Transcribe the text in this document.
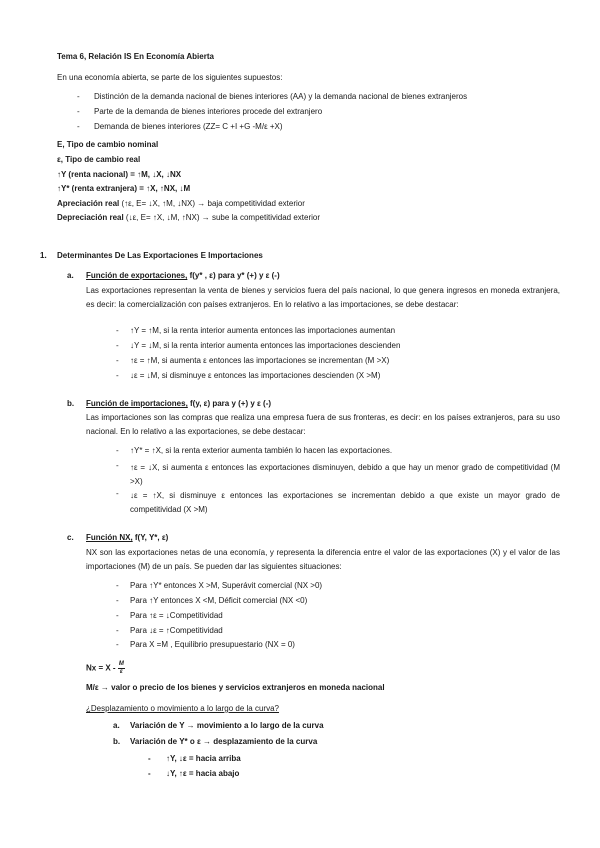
Tema 6, Relación IS En Economía Abierta
En una economía abierta, se parte de los siguientes supuestos:
- Distinción de la demanda nacional de bienes interiores (AA) y la demanda nacional de bienes extranjeros
- Parte de la demanda de bienes interiores procede del extranjero
- Demanda de bienes interiores (ZZ= C +I +G -M/ε +X)
E, Tipo de cambio nominal
ε, Tipo de cambio real
↑Y (renta nacional) = ↑M, ↓X, ↓NX
↑Y* (renta extranjera) = ↑X, ↑NX, ↓M
Apreciación real (↑ε, E= ↓X, ↑M, ↓NX) → baja competitividad exterior
Depreciación real (↓ε, E= ↑X, ↓M, ↑NX) → sube la competitividad exterior
1. Determinantes De Las Exportaciones E Importaciones
a. Función de exportaciones, f(y* , ε) para y* (+) y ε (-)
Las exportaciones representan la venta de bienes y servicios fuera del país nacional, lo que genera ingresos en moneda extranjera, es decir: la comercialización con países extranjeros. En lo relativo a las importaciones, se debe destacar:
- ↑Y = ↑M, si la renta interior aumenta entonces las importaciones aumentan
- ↓Y = ↓M, si la renta interior aumenta entonces las importaciones descienden
- ↑ε = ↑M, si aumenta ε entonces las importaciones se incrementan (M >X)
- ↓ε = ↓M, si disminuye ε entonces las importaciones descienden (X >M)
b. Función de importaciones, f(y, ε) para y (+) y ε (-)
Las importaciones son las compras que realiza una empresa fuera de sus fronteras, es decir: en los países extranjeros, para su uso nacional. En lo relativo a las exportaciones, se debe destacar:
- ↑Y* = ↑X, si la renta exterior aumenta también lo hacen las exportaciones.
- ↑ε = ↓X, si aumenta ε entonces las exportaciones disminuyen, debido a que hay un menor grado de competitividad (M >X)
- ↓ε = ↑X, si disminuye ε entonces las exportaciones se incrementan debido a que existe un mayor grado de competitividad (X >M)
c. Función NX, f(Y, Y*, ε)
NX son las exportaciones netas de una economía, y representa la diferencia entre el valor de las exportaciones (X) y el valor de las importaciones (M) de un país. Se pueden dar las siguientes situaciones:
- Para ↑Y* entonces X >M, Superávit comercial (NX >0)
- Para ↑Y entonces X <M, Déficit comercial (NX <0)
- Para ↑ε = ↓Competitividad
- Para ↓ε = ↑Competitividad
- Para X =M , Equilibrio presupuestario (NX = 0)
$Nx = X - \frac{M}{\varepsilon}$
M/ε → valor o precio de los bienes y servicios extranjeros en moneda nacional
¿Desplazamiento o movimiento a lo largo de la curva?
a. Variación de Y → movimiento a lo largo de la curva
b. Variación de Y* o ε → desplazamiento de la curva
- ↑Y, ↓ε = hacia arriba
- ↓Y, ↑ε = hacia abajo
